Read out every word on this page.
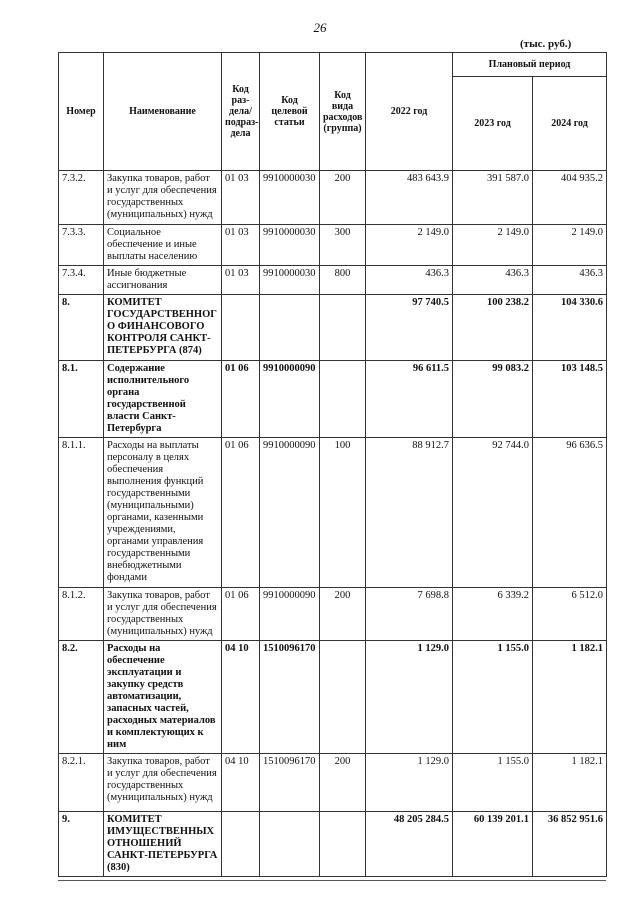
26
(тыс. руб.)
Номер	Наименование	Код раз-дела/ подраз-дела	Код целевой статьи	Код вида расходов (группа)	2022 год	Плановый период	
						2023 год	2024 год
7.3.2.	Закупка товаров, работ и услуг для обеспечения государственных (муниципальных) нужд	01 03	9910000030	200	483 643.9	391 587.0	404 935.2
7.3.3.	Социальное обеспечение и иные выплаты населению	01 03	9910000030	300	2 149.0	2 149.0	2 149.0
7.3.4.	Иные бюджетные ассигнования	01 03	9910000030	800	436.3	436.3	436.3
8.	КОМИТЕТ ГОСУДАРСТВЕННОГО ФИНАНСОВОГО КОНТРОЛЯ САНКТ-ПЕТЕРБУРГА (874)				97 740.5	100 238.2	104 330.6
8.1.	Содержание исполнительного органа государственной власти Санкт-Петербурга	01 06	9910000090		96 611.5	99 083.2	103 148.5
8.1.1.	Расходы на выплаты персоналу в целях обеспечения выполнения функций государственными (муниципальными) органами, казенными учреждениями, органами управления государственными внебюджетными фондами	01 06	9910000090	100	88 912.7	92 744.0	96 636.5
8.1.2.	Закупка товаров, работ и услуг для обеспечения государственных (муниципальных) нужд	01 06	9910000090	200	7 698.8	6 339.2	6 512.0
8.2.	Расходы на обеспечение эксплуатации и закупку средств автоматизации, запасных частей, расходных материалов и комплектующих к ним	04 10	1510096170		1 129.0	1 155.0	1 182.1
8.2.1.	Закупка товаров, работ и услуг для обеспечения государственных (муниципальных) нужд	04 10	1510096170	200	1 129.0	1 155.0	1 182.1
9.	КОМИТЕТ ИМУЩЕСТВЕННЫХ ОТНОШЕНИЙ САНКТ-ПЕТЕРБУРГА (830)				48 205 284.5	60 139 201.1	36 852 951.6
